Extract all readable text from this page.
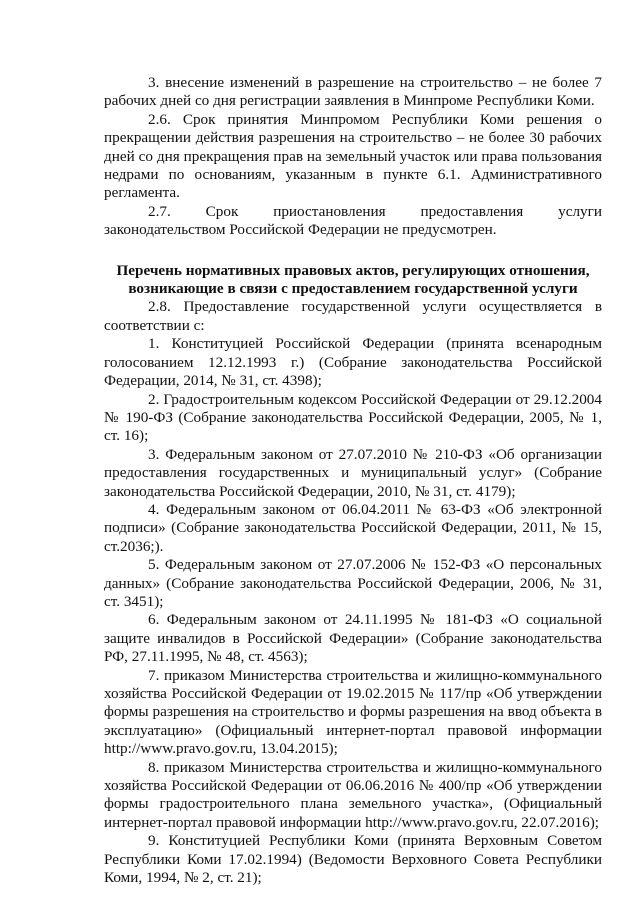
3. внесение изменений в разрешение на строительство – не более 7 рабочих дней со дня регистрации заявления в Минпроме Республики Коми.

2.6. Срок принятия Минпромом Республики Коми решения о прекращении действия разрешения на строительство – не более 30 рабочих дней со дня прекращения прав на земельный участок или права пользования недрами по основаниям, указанным в пункте 6.1. Административного регламента.

2.7. Срок приостановления предоставления услуги законодательством Российской Федерации не предусмотрен.

Перечень нормативных правовых актов, регулирующих отношения, возникающие в связи с предоставлением государственной услуги

2.8. Предоставление государственной услуги осуществляется в соответствии с:

1. Конституцией Российской Федерации (принята всенародным голосованием 12.12.1993 г.) (Собрание законодательства Российской Федерации, 2014, № 31, ст. 4398);

2. Градостроительным кодексом Российской Федерации от 29.12.2004 № 190-ФЗ (Собрание законодательства Российской Федерации, 2005, № 1, ст. 16);

3. Федеральным законом от 27.07.2010 № 210-ФЗ «Об организации предоставления государственных и муниципальный услуг» (Собрание законодательства Российской Федерации, 2010, № 31, ст. 4179);

4. Федеральным законом от 06.04.2011 № 63-ФЗ «Об электронной подписи» (Собрание законодательства Российской Федерации, 2011, № 15, ст.2036;).

5. Федеральным законом от 27.07.2006 № 152-ФЗ «О персональных данных» (Собрание законодательства Российской Федерации, 2006, № 31, ст. 3451);

6. Федеральным законом от 24.11.1995 № 181-ФЗ «О социальной защите инвалидов в Российской Федерации» (Собрание законодательства РФ, 27.11.1995, № 48, ст. 4563);

7. приказом Министерства строительства и жилищно-коммунального хозяйства Российской Федерации от 19.02.2015 № 117/пр «Об утверждении формы разрешения на строительство и формы разрешения на ввод объекта в эксплуатацию» (Официальный интернет-портал правовой информации http://www.pravo.gov.ru, 13.04.2015);

8. приказом Министерства строительства и жилищно-коммунального хозяйства Российской Федерации от 06.06.2016 № 400/пр «Об утверждении формы градостроительного плана земельного участка», (Официальный интернет-портал правовой информации http://www.pravo.gov.ru, 22.07.2016);

9. Конституцией Республики Коми (принята Верховным Советом Республики Коми 17.02.1994) (Ведомости Верховного Совета Республики Коми, 1994, № 2, ст. 21);
